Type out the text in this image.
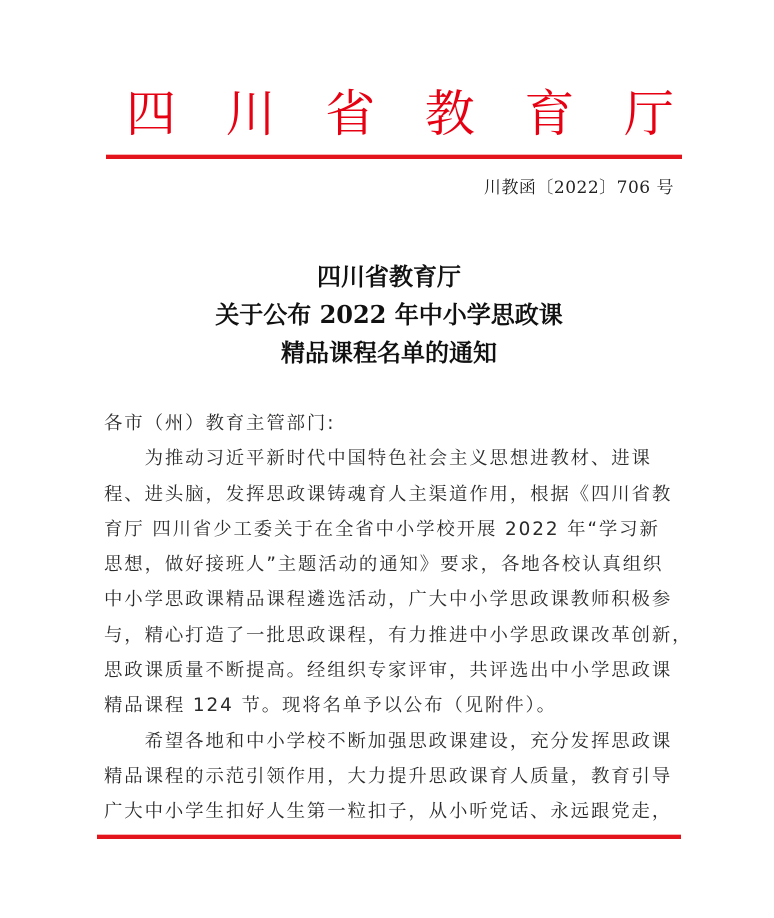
四 川 省 教 育 厅
川教函〔2022〕706 号
四川省教育厅
关于公布 2022 年中小学思政课
精品课程名单的通知
各市（州）教育主管部门:
　　为推动习近平新时代中国特色社会主义思想进教材、进课
程、进头脑，发挥思政课铸魂育人主渠道作用，根据《四川省教
育厅 四川省少工委关于在全省中小学校开展 2022 年“学习新
思想，做好接班人”主题活动的通知》要求，各地各校认真组织
中小学思政课精品课程遴选活动，广大中小学思政课教师积极参
与，精心打造了一批思政课程，有力推进中小学思政课改革创新，
思政课质量不断提高。经组织专家评审，共评选出中小学思政课
精品课程 124 节。现将名单予以公布（见附件）。
　　希望各地和中小学校不断加强思政课建设，充分发挥思政课
精品课程的示范引领作用，大力提升思政课育人质量，教育引导
广大中小学生扣好人生第一粒扣子，从小听党话、永远跟党走，
